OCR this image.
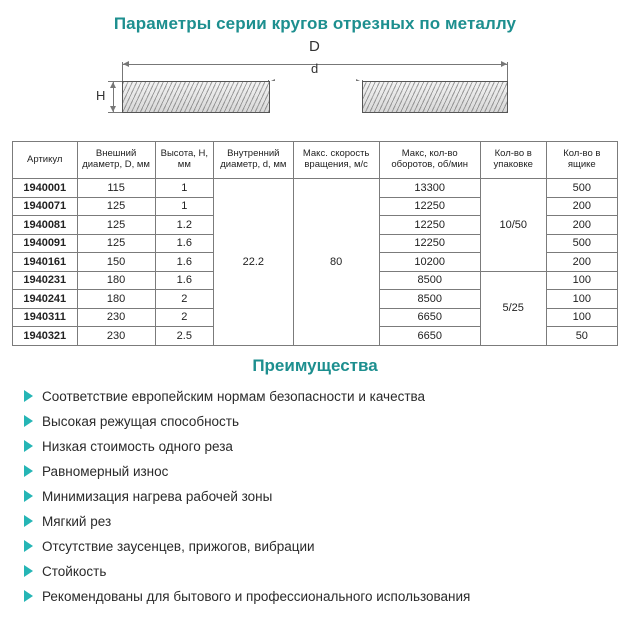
Параметры серии кругов отрезных по металлу
D
d
H
Артикул	Внешний диаметр, D, мм	Высота, H, мм	Внутренний диаметр, d, мм	Макс. скорость вращения, м/с	Макс, кол-во оборотов, об/мин	Кол-во в упаковке	Кол-во в ящике
1940001	115	1	22.2	80	13300	10/50	500
1940071	125	1			12250		200
1940081	125	1.2			12250		200
1940091	125	1.6			12250		500
1940161	150	1.6			10200		200
1940231	180	1.6			8500	5/25	100
1940241	180	2			8500		100
1940311	230	2			6650		100
1940321	230	2.5			6650		50
Преимущества
Соответствие европейским нормам безопасности и качества
Высокая режущая способность
Низкая стоимость одного реза
Равномерный износ
Минимизация нагрева рабочей зоны
Мягкий рез
Отсутствие заусенцев, прижогов, вибрации
Стойкость
Рекомендованы для бытового и профессионального использования
